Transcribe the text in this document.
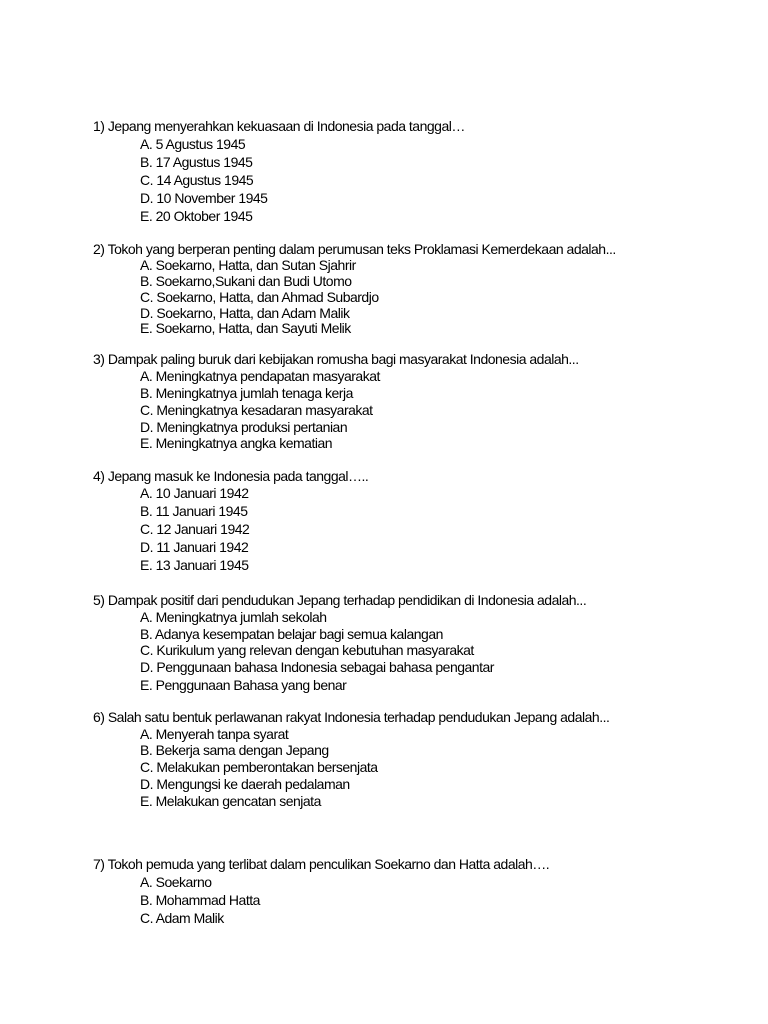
1) Jepang menyerahkan kekuasaan di Indonesia pada tanggal…
A. 5 Agustus 1945
B. 17 Agustus 1945
C. 14 Agustus 1945
D. 10 November 1945
E. 20 Oktober 1945
2) Tokoh yang berperan penting dalam perumusan teks Proklamasi Kemerdekaan adalah...
A. Soekarno, Hatta, dan Sutan Sjahrir
B. Soekarno,Sukani dan Budi Utomo
C. Soekarno, Hatta, dan Ahmad Subardjo
D. Soekarno, Hatta, dan Adam Malik
E. Soekarno, Hatta, dan Sayuti Melik
3) Dampak paling buruk dari kebijakan romusha bagi masyarakat Indonesia adalah...
A. Meningkatnya pendapatan masyarakat
B. Meningkatnya jumlah tenaga kerja
C. Meningkatnya kesadaran masyarakat
D. Meningkatnya produksi pertanian
E. Meningkatnya angka kematian
4) Jepang masuk ke Indonesia pada tanggal…..
A. 10 Januari 1942
B. 11 Januari 1945
C. 12 Januari 1942
D. 11 Januari 1942
E. 13 Januari 1945
5) Dampak positif dari pendudukan Jepang terhadap pendidikan di Indonesia adalah...
A. Meningkatnya jumlah sekolah
B. Adanya kesempatan belajar bagi semua kalangan
C. Kurikulum yang relevan dengan kebutuhan masyarakat
D. Penggunaan bahasa Indonesia sebagai bahasa pengantar
E. Penggunaan Bahasa yang benar
6) Salah satu bentuk perlawanan rakyat Indonesia terhadap pendudukan Jepang adalah...
A. Menyerah tanpa syarat
B. Bekerja sama dengan Jepang
C. Melakukan pemberontakan bersenjata
D. Mengungsi ke daerah pedalaman
E. Melakukan gencatan senjata
7) Tokoh pemuda yang terlibat dalam penculikan Soekarno dan Hatta adalah….
A. Soekarno
B. Mohammad Hatta
C. Adam Malik
